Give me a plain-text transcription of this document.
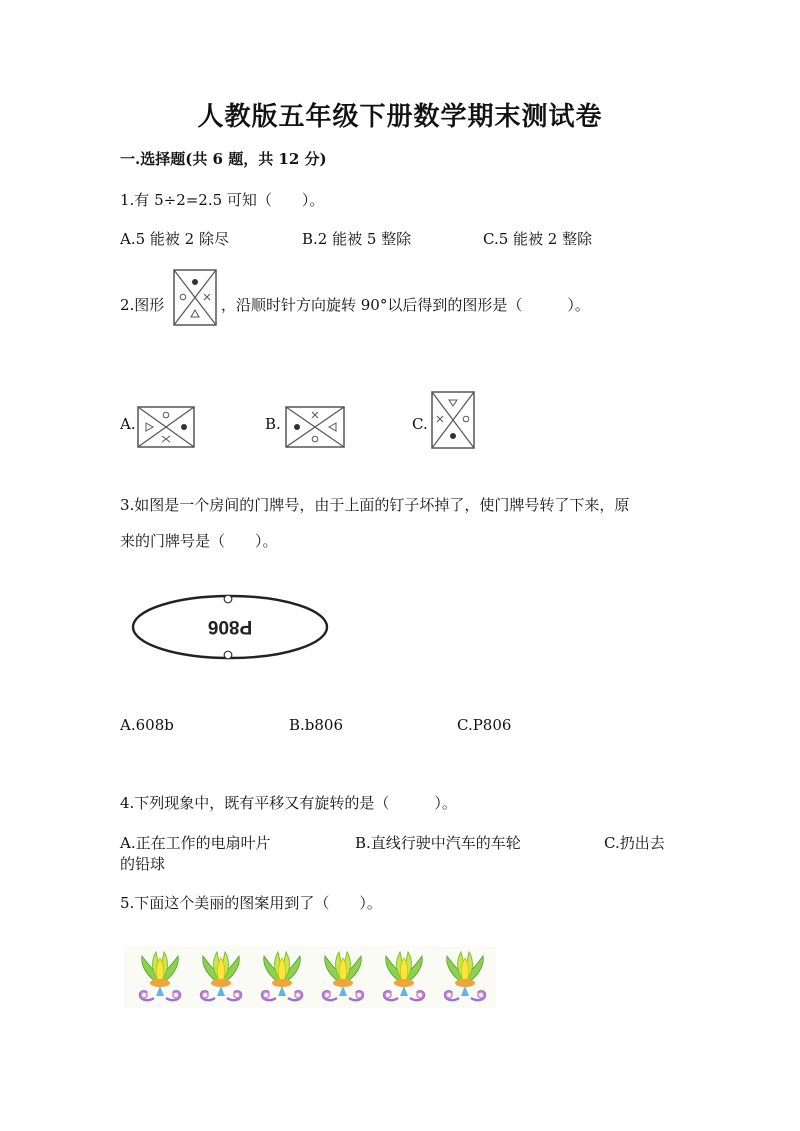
人教版五年级下册数学期末测试卷
一.选择题(共 6 题，共 12 分)
1.有 5÷2=2.5 可知（　　）。
A.5 能被 2 除尽	B.2 能被 5 整除	C.5 能被 2 整除
2.图形	，沿顺时针方向旋转 90°以后得到的图形是（　　　）。
A.	B.	C.
3.如图是一个房间的门牌号，由于上面的钉子坏掉了，使门牌号转了下来，原
来的门牌号是（　　）。
P806
A.608b	B.b806	C.P806
4.下列现象中，既有平移又有旋转的是（　　　）。
A.正在工作的电扇叶片	B.直线行驶中汽车的车轮	C.扔出去
的铅球
5.下面这个美丽的图案用到了（　　）。
